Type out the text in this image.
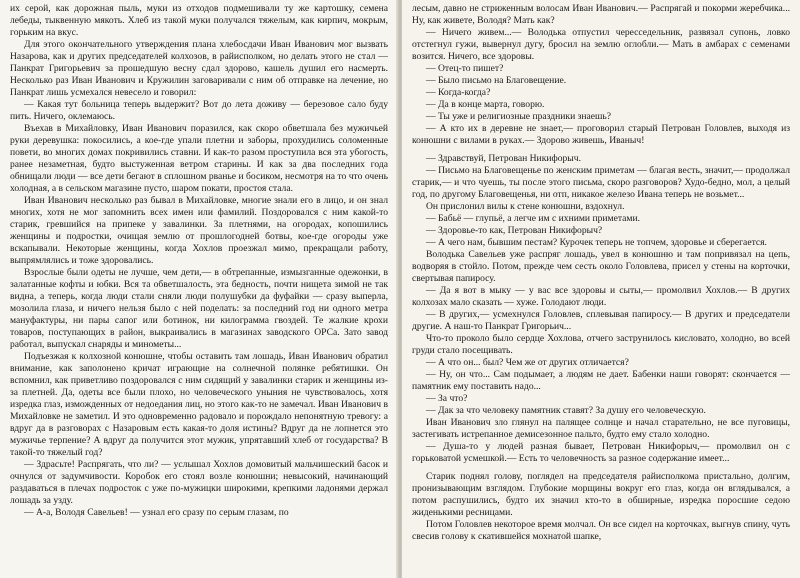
их серой, как дорожная пыль, муки из отходов подмешивали ту же картошку, семена лебеды, тыквенную мякоть. Хлеб из такой муки получался тяжелым, как кирпич, мокрым, горьким на вкус.

Для этого окончательного утверждения плана хлебосдачи Иван Иванович мог вызвать Назарова, как и других председателей колхозов, в райисполком, но делать этого не стал — Панкрат Григорьевич за прошедшую весну сдал здорово, кашель душил его насмерть. Несколько раз Иван Иванович и Кружилин заговаривали с ним об отправке на лечение, но Панкрат лишь усмехался невесело и говорил:

— Какая тут больница теперь выдержит? Вот до лета доживу — березовое сало буду пить. Ничего, оклемаюсь.

Въехав в Михайловку, Иван Иванович поразился, как скоро обветшала без мужичьей руки деревушка: покосились, а кое-где упали плетни и заборы, прохудились соломенные повети, во многих домах покривились ставни. И как-то разом проступила вся эта убогость, ранее незаметная, будто выстуженная ветром старины. И как за два последних года обнищали люди — все дети бегают в сплошном рванье и босиком, несмотря на то что очень холодная, а в сельском магазине пусто, шаром покати, простоя стала.

Иван Иванович несколько раз бывал в Михайловке, многие знали его в лицо, и он знал многих, хотя не мог запомнить всех имен или фамилий. Поздоровался с ним какой-то старик, гревшийся на припеке у завалинки. За плетнями, на огородах, копошились женщины и подростки, очищая землю от прошлогодней ботвы, кое-где огороды уже вскапывали. Некоторые женщины, когда Хохлов проезжал мимо, прекращали работу, выпрямлялись и тоже здоровались.

Взрослые были одеты не лучше, чем дети,— в обтрепанные, измызганные одежонки, в залатанные кофты и юбки. Вся та обветшалость, эта бедность, почти нищета зимой не так видна, а теперь, когда люди стали сняли люди полушубки да фуфайки — сразу выперла, мозолила глаза, и ничего нельзя было с ней поделать: за последний год ни одного метра мануфактуры, ни пары сапог или ботинок, ни килограмма гвоздей. Те жалкие крохи товаров, поступающих в район, выкраивались в магазинах заводского ОРСа. Зато завод работал, выпускал снаряды и минометы...

Подъезжая к колхозной конюшне, чтобы оставить там лошадь, Иван Иванович обратил внимание, как заполонено кричат играющие на солнечной полянке ребятишки. Он вспомнил, как приветливо поздоровался с ним сидящий у завалинки старик и женщины из-за плетней. Да, одеты все были плохо, но человеческого уныния не чувствовалось, хотя изредка глаз, изможденных от недоедания лиц, но этого как-то не замечал. Иван Иванович в Михайловке не заметил. И это одновременно радовало и порождало непонятную тревогу: а вдруг да в разговорах с Назаровым есть какая-то доля истины? Вдруг да не лопнется это мужичье терпение? А вдруг да получится этот мужик, упрятавший хлеб от государства? В такой-то тяжелый год?

— Здрасьте! Распрягать, что ли? — услышал Хохлов домовитый мальчишеский басок и очнулся от задумчивости. Коробок его стоял возле конюшни; невысокий, начинающий раздаваться в плечах подросток с уже по-мужицки широкими, крепкими ладонями держал лошадь за узду.

— А-а, Володя Савельев! — узнал его сразу по серым глазам, по

лесым, давно не стриженным волосам Иван Иванович.— Распрягай и покорми жеребчика... Ну, как живете, Володя? Мать как?

— Ничего живем...— Володька отпустил чересседельник, развязал супонь, ловко отстегнул гужи, вывернул дугу, бросил на землю оглобли.— Мать в амбарах с семенами возится. Ничего, все здоровы.

— Отец-то пишет?

— Было письмо на Благовещение.

— Когда-когда?

— Да в конце марта, говорю.

— Ты уже и религиозные праздники знаешь?

— А кто их в деревне не знает,— проговорил старый Петрован Головлев, выходя из конюшни с вилами в руках.— Здорово живешь, Иваныч!

— Здравствуй, Петрован Никифорыч.

— Письмо на Благовещенье по женским приметам — благая весть, значит,— продолжал старик,— и что чуешь, ты после этого письма, скоро разговоров? Худо-бедно, мол, а целый год, по другому Благовещенья, ни отп, никакое железо Ивана теперь не возьмет...

Он прислонил вилы к стене конюшни, вздохнул.

— Бабьё — глупьё, а легче им с ихними приметами.

— Здоровье-то как, Петрован Никифорыч?

— А чего нам, бывшим пестам? Курочек теперь не топчем, здоровье и сберегается.

Володька Савельев уже распряг лошадь, увел в конюшню и там попривязал на цепь, водворяя в стойло. Потом, прежде чем сесть около Головлева, присел у стены на корточки, свертывая папиросу.

— Да я вот в мыку — у вас все здоровы и сыты,— промолвил Хохлов.— В других колхозах мало сказать — хуже. Голодают люди.

— В других,— усмехнулся Головлев, сплевывая папиросу.— В других и председатели другие. А наш-то Панкрат Григорьич...

Что-то проколо было сердце Хохлова, отчего заструнилось кисловато, холодно, во всей груди стало посещивать.

— А что он... был? Чем же от других отличается?

— Ну, он что... Сам подымает, а людям не дает. Бабенки наши говорят: скончается — памятник ему поставить надо...

— За что?

— Дак за что человеку памятник ставят? За душу его человеческую.

Иван Иванович зло глянул на палящее солнце и начал старательно, не все пуговицы, застегивать истрепанное демисезонное пальто, будто ему стало холодно.

— Душа-то у людей разная бывает, Петрован Никифорыч,— промолвил он с горьковатой усмешкой.— Есть то человечность за разное содержание имеет...

Старик поднял голову, поглядел на председателя райисполкома пристально, долгим, пронизывающим взглядом. Глубокие морщины вокруг его глаз, когда он вглядывался, а потом распушились, будто их значил кто-то в обширные, изредка поросшие седою жиденькими ресницами.

Потом Головлев некоторое время молчал. Он все сидел на корточках, выгнув спину, чуть свесив голову к скатившейся мохнатой шапке,
